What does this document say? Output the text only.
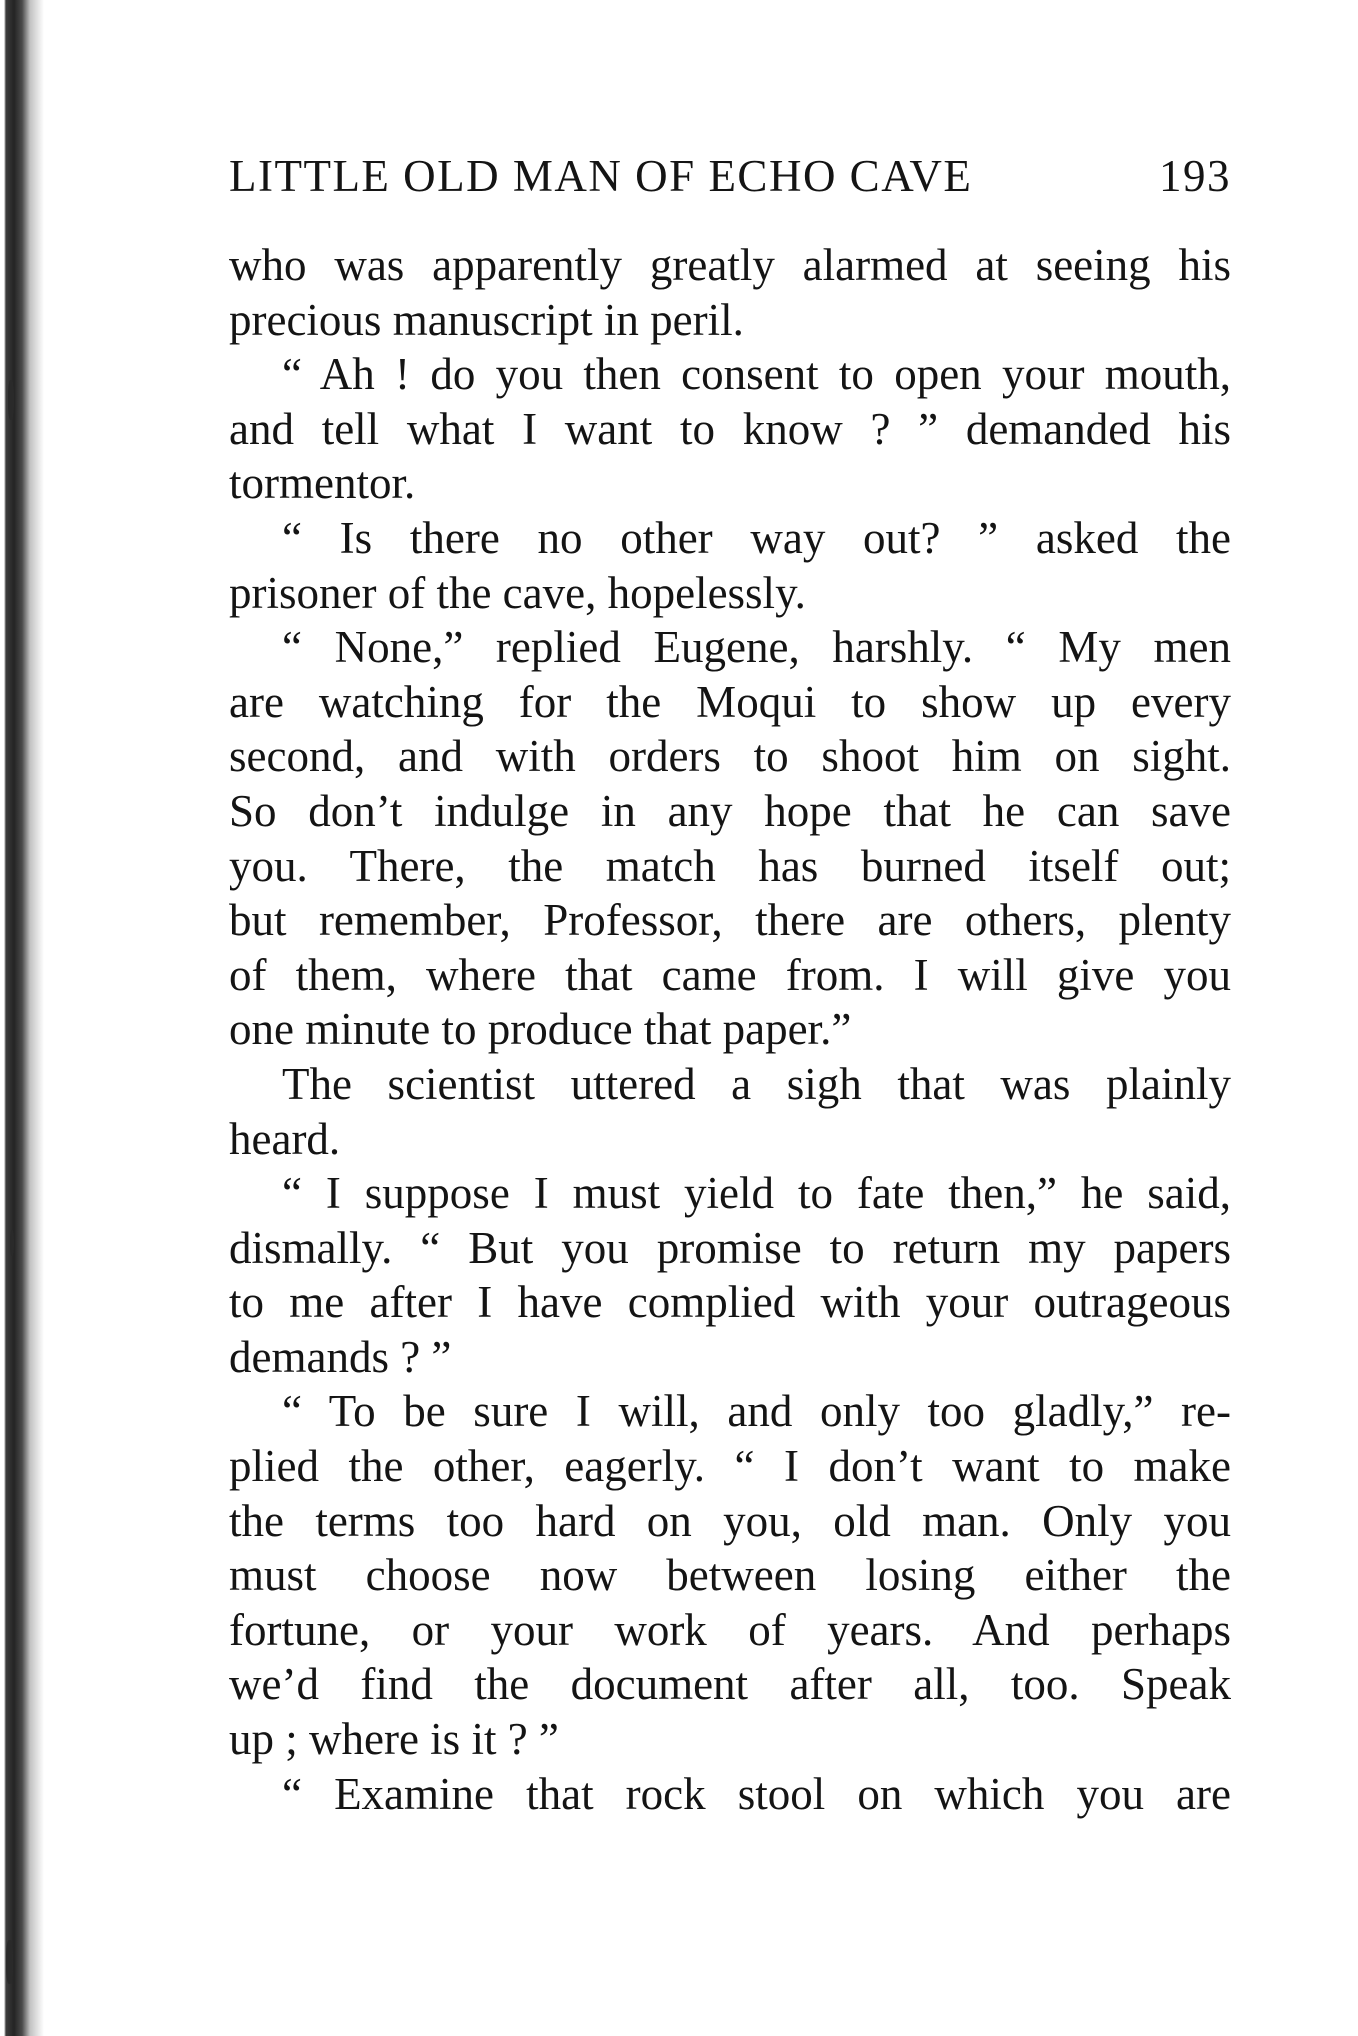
LITTLE OLD MAN OF ECHO CAVE	193
who was apparently greatly alarmed at seeing his
precious manuscript in peril.
“ Ah ! do you then consent to open your mouth,
and tell what I want to know ? ” demanded his
tormentor.
“ Is there no other way out? ” asked the
prisoner of the cave, hopelessly.
“ None,” replied Eugene, harshly. “ My men
are watching for the Moqui to show up every
second, and with orders to shoot him on sight.
So don’t indulge in any hope that he can save
you. There, the match has burned itself out;
but remember, Professor, there are others, plenty
of them, where that came from. I will give you
one minute to produce that paper.”
The scientist uttered a sigh that was plainly
heard.
“ I suppose I must yield to fate then,” he said,
dismally. “ But you promise to return my papers
to me after I have complied with your outrageous
demands ? ”
“ To be sure I will, and only too gladly,” re-
plied the other, eagerly. “ I don’t want to make
the terms too hard on you, old man. Only you
must choose now between losing either the
fortune, or your work of years. And perhaps
we’d find the document after all, too. Speak
up ; where is it ? ”
“ Examine that rock stool on which you are
